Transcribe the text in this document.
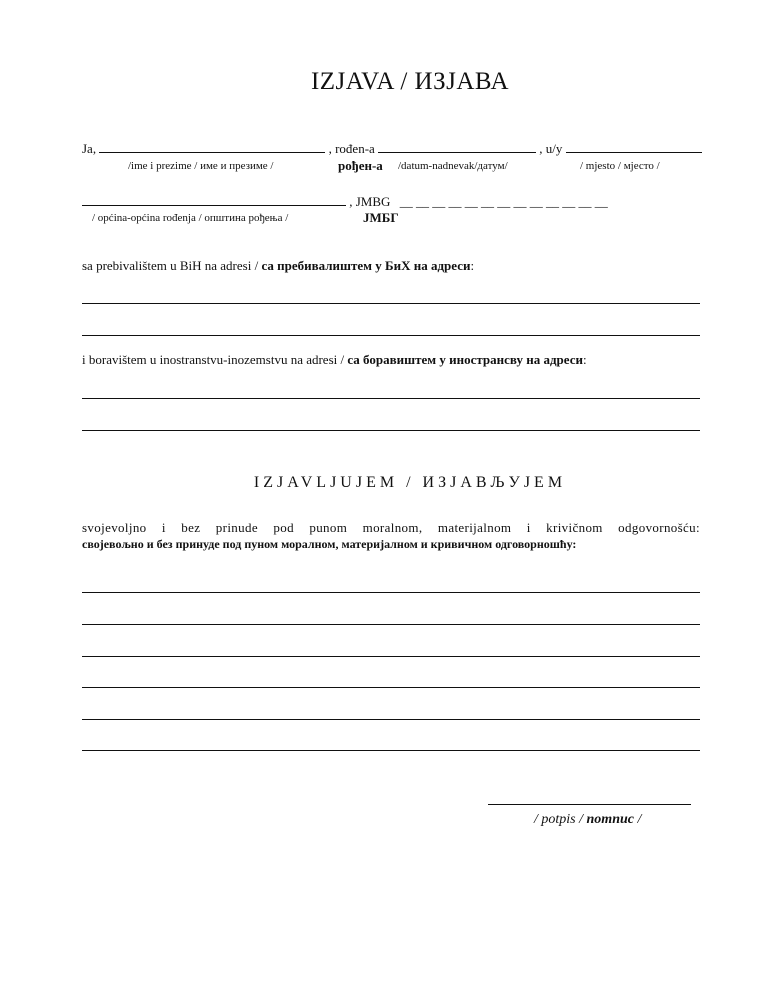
IZJAVA / ИЗЈАВА
Ja,	, rođen-a	, u/у
/ime i prezime / име и презиме /	рођен-а /datum-nadnevak/датум/	/ mjesto / мјесто /
, JMBG __ __ __ __ __ __ __ __ __ __ __ __ __
/ općina-općina rođenja / општина рођења /	ЈМБГ
sa prebivalištem u BiH na adresi / са пребивалиштем у БиХ на адреси:
i boravištem u inostranstvu-inozemstvu na adresi / са боравиштем у инострансву на адреси:
IZJAVLJUJEM / ИЗЈАВЉУЈЕМ
svojevoljno i bez prinude pod punom moralnom, materijalnom i krivičnom odgovornošću:
својевољно и без принуде под пуном моралном, материјалном и кривичном одговорношћу:
/ potpis / потпис /
